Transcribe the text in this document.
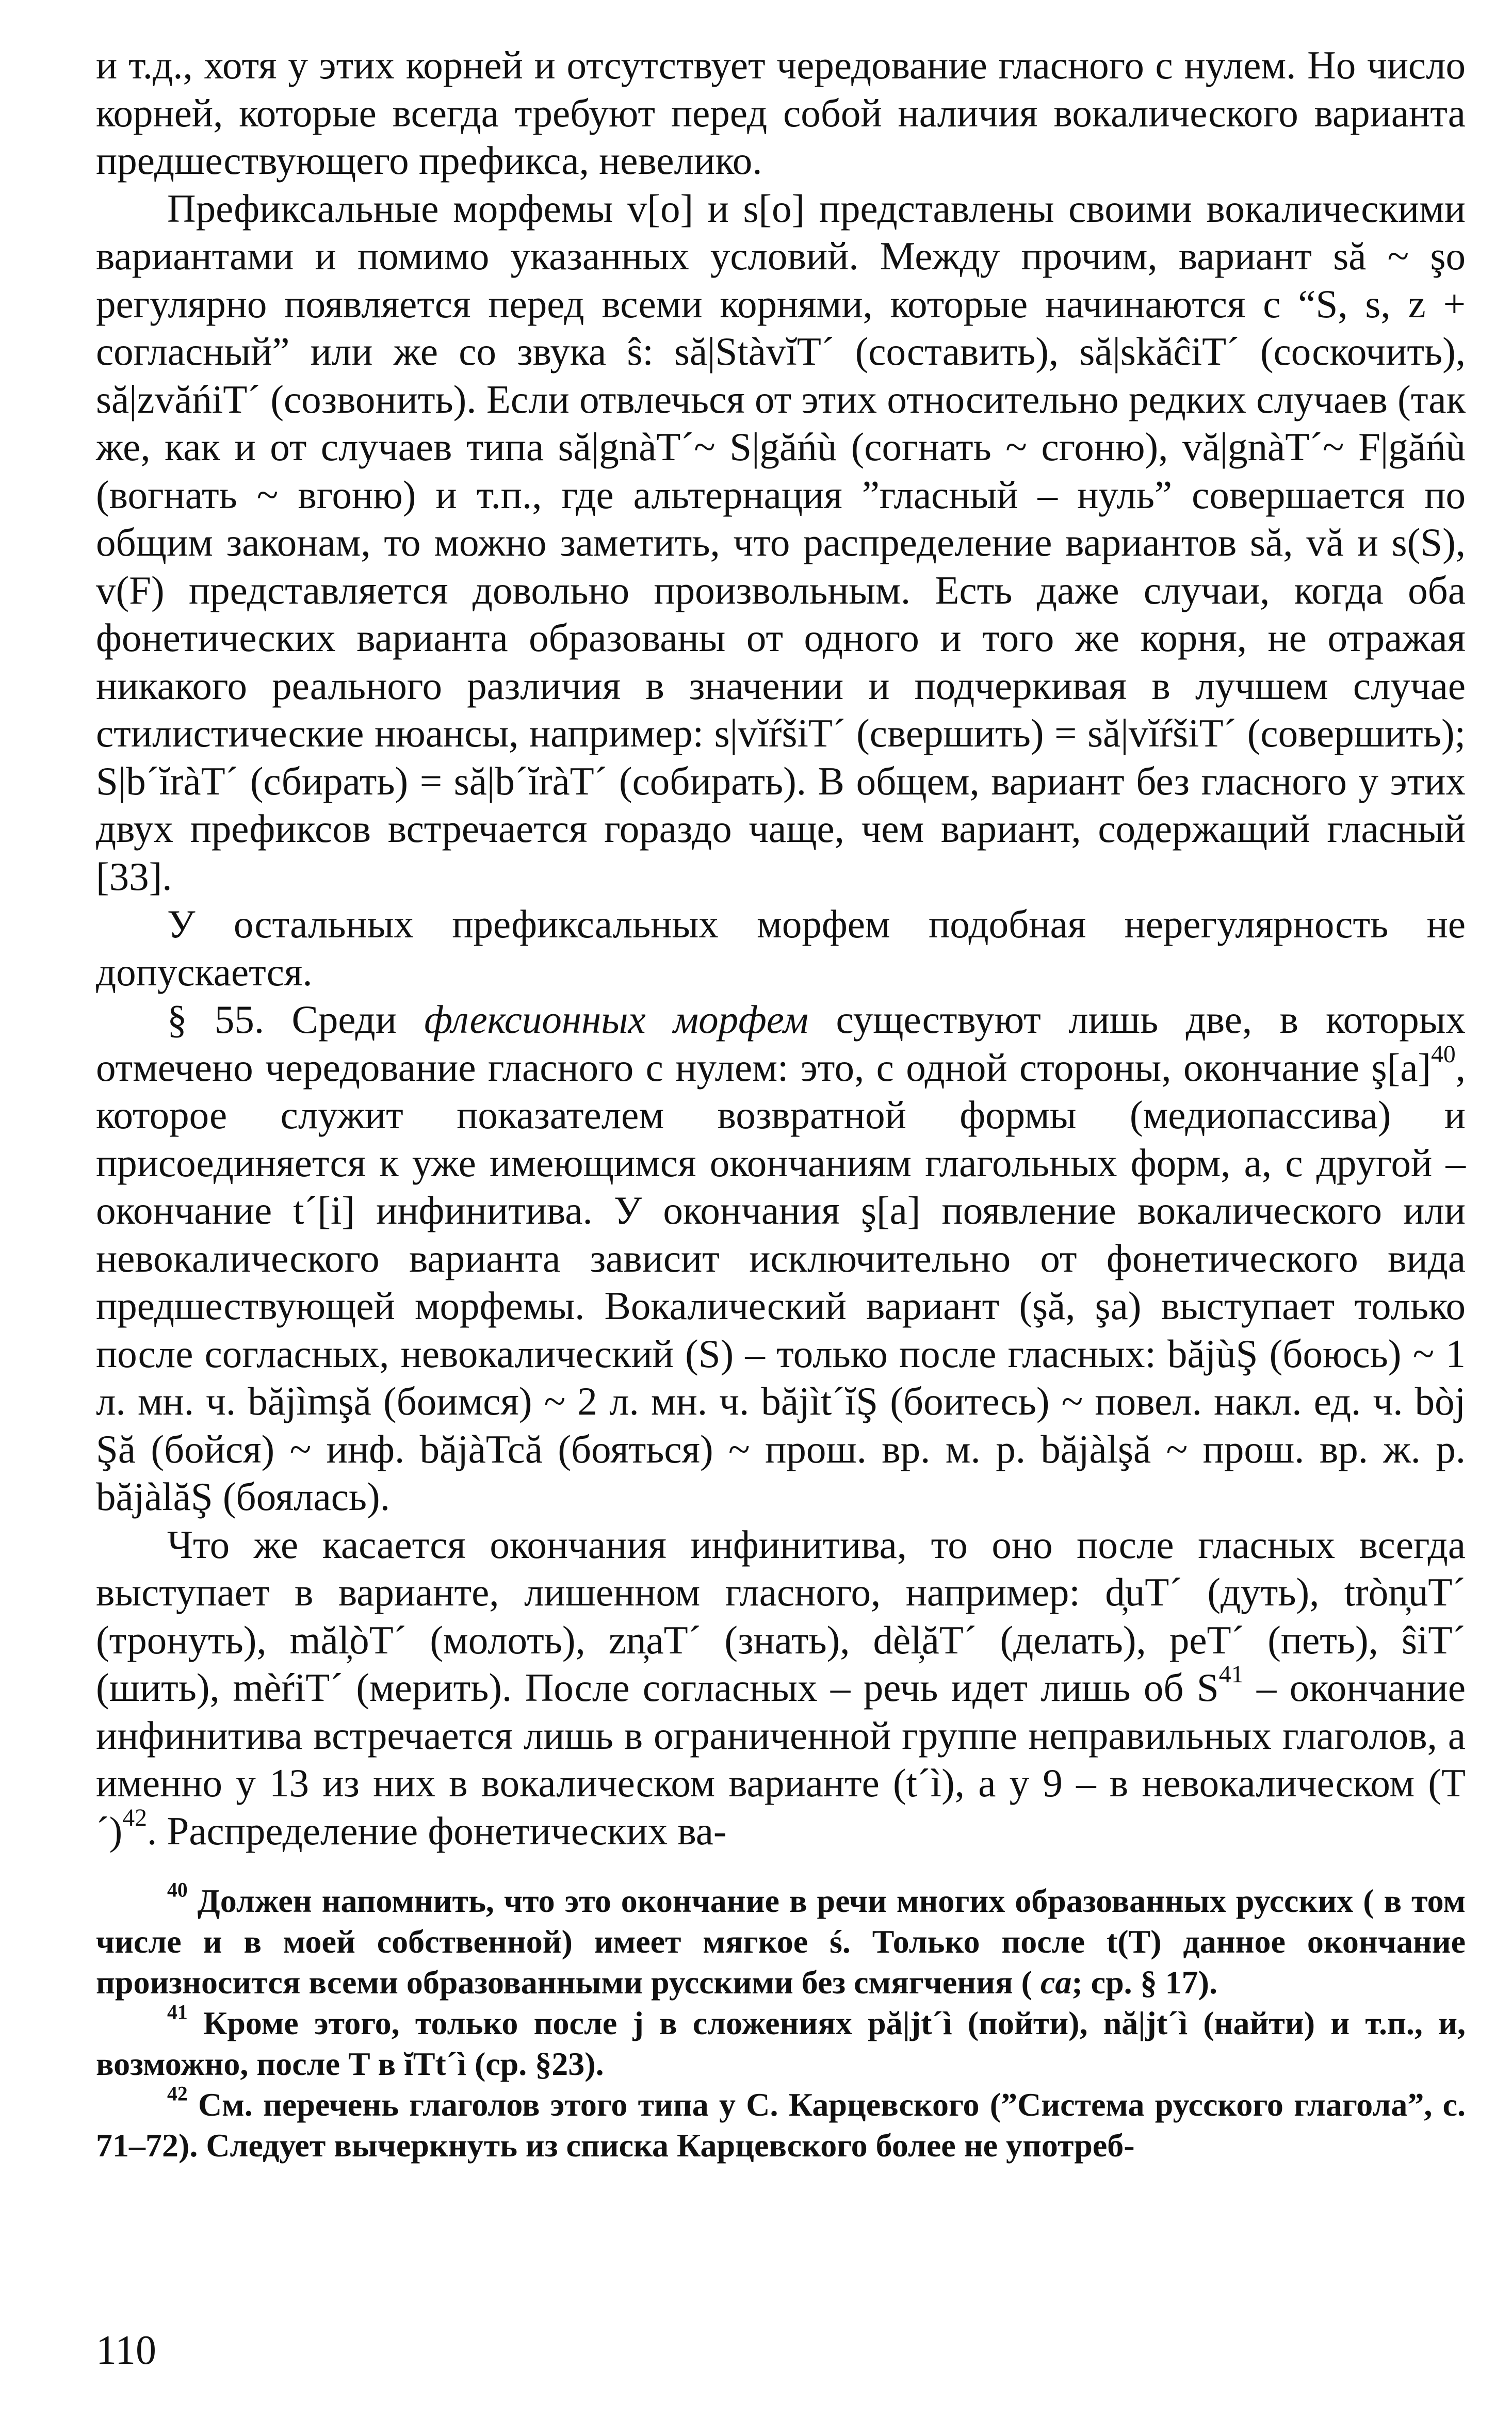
и т.д., хотя у этих корней и отсутствует чередование гласного с нулем. Но число корней, которые всегда требуют перед собой наличия вокалического варианта предшествующего префикса, невелико.

Префиксальные морфемы v[o] и s[o] представлены своими вокалическими вариантами и помимо указанных условий. Между прочим, вариант să ~ şo регулярно появляется перед всеми корнями, которые начинаются с “S, s, z + согласный” или же со звука ŝ: să|StàvĭT´ (составить), să|skăĉiT´ (соскочить), să|zvăńiT´ (созвонить). Если отвлечься от этих относительно редких случаев (так же, как и от случаев типа să|gnàT´~ S|găńù (согнать ~ сгоню), vă|gnàT´~ F|găńù (вогнать ~ вгоню) и т.п., где альтернация ”гласный – нуль” совершается по общим законам, то можно заметить, что распределение вариантов să, vă и s(S), v(F) представляется довольно произвольным. Есть даже случаи, когда оба фонетических варианта образованы от одного и того же корня, не отражая никакого реального различия в значении и подчеркивая в лучшем случае стилистические нюансы, например: s|vĭŕšiT´ (свершить) = să|vĭŕšiT´ (совершить); S|b´ĭràT´ (сбирать) = să|b´ĭràT´ (собирать). В общем, вариант без гласного у этих двух префиксов встречается гораздо чаще, чем вариант, содержащий гласный [33].

У остальных префиксальных морфем подобная нерегулярность не допускается.

§ 55. Среди флексионных морфем существуют лишь две, в которых отмечено чередование гласного с нулем: это, с одной стороны, окончание $ş[a]^{40}$, которое служит показателем возвратной формы (медиопассива) и присоединяется к уже имеющимся окончаниям глагольных форм, а, с другой – окончание t´[i] инфинитива. У окончания ş[a] появление вокалического или невокалического варианта зависит исключительно от фонетического вида предшествующей морфемы. Вокалический вариант (şă, şa) выступает только после согласных, невокалический (S) – только после гласных: băjùŞ (боюсь) ~ 1 л. мн. ч. băjìmşă (боимся) ~ 2 л. мн. ч. băjìt´ĭŞ (боитесь) ~ повел. накл. ед. ч. bòj Şă (бойся) ~ инф. băjàTcă (бояться) ~ прош. вр. м. р. băjàlşă ~ прош. вр. ж. р. băjàlăŞ (боялась).

Что же касается окончания инфинитива, то оно после гласных всегда выступает в варианте, лишенном гласного, например: d̦uT´ (дуть), tròn̦uT´ (тронуть), măl̦òT´ (молоть), zn̦aT´ (знать), dèl̦ăT´ (делать), peT´ (петь), ŝiT´ (шить), mèŕiT´ (мерить). После согласных – речь идет лишь об $S^{41}$ – окончание инфинитива встречается лишь в ограниченной группе неправильных глаголов, а именно у 13 из них в вокалическом варианте (t´ì), а у 9 – в невокалическом (T´)$^{42}$. Распределение фонетических ва-

$^{40}$ Должен напомнить, что это окончание в речи многих образованных русских ( в том числе и в моей собственной) имеет мягкое ś. Только после t(T) данное окончание произносится всеми образованными русскими без смягчения ( ca; ср. § 17).

$^{41}$ Кроме этого, только после j в сложениях pă|jt´ì (пойти), nă|jt´ì (найти) и т.п., и, возможно, после T в ĭTt´ì (ср. §23).

$^{42}$ См. перечень глаголов этого типа у С. Карцевского (”Система русского глагола”, с. 71–72). Следует вычеркнуть из списка Карцевского более не употреб-

110
